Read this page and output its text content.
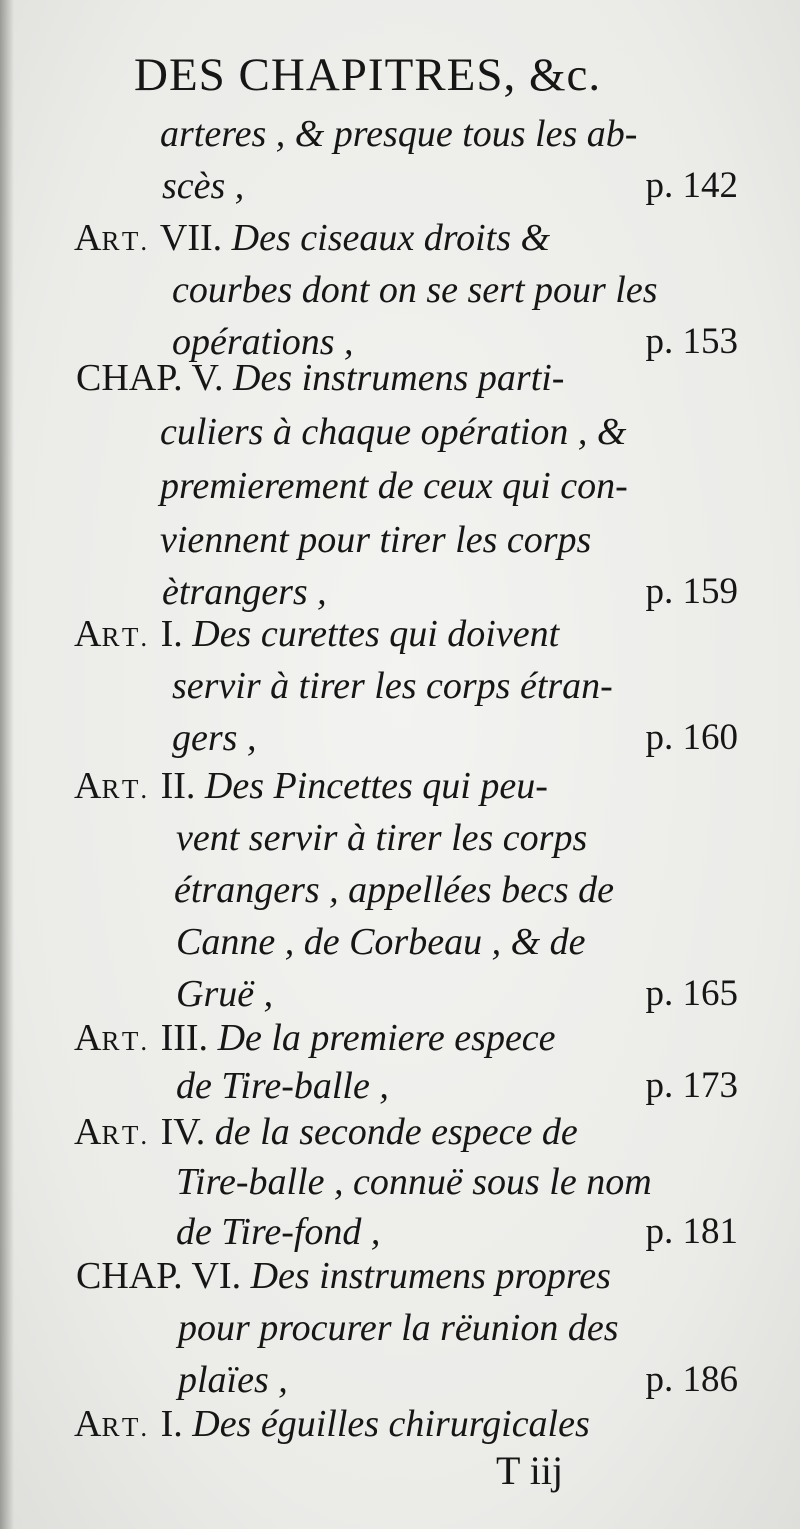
DES CHAPITRES, &c.
arteres , & presque tous les ab-
scès ,	p. 142
ART. VII. Des ciseaux droits &
courbes dont on se sert pour les
opérations ,	p. 153
CHAP. V. Des instrumens parti-
culiers à chaque opération , &
premierement de ceux qui con-
viennent pour tirer les corps
ètrangers ,	p. 159
ART. I. Des curettes qui doivent
servir à tirer les corps étran-
gers ,	p. 160
ART. II. Des Pincettes qui peu-
vent servir à tirer les corps
étrangers , appellées becs de
Canne , de Corbeau , & de
Gruë ,	p. 165
ART. III. De la premiere espece
de Tire-balle ,	p. 173
ART. IV. de la seconde espece de
Tire-balle , connuë sous le nom
de Tire-fond ,	p. 181
CHAP. VI. Des instrumens propres
pour procurer la rëunion des
plaïes ,	p. 186
ART. I. Des éguilles chirurgicales
T iij
